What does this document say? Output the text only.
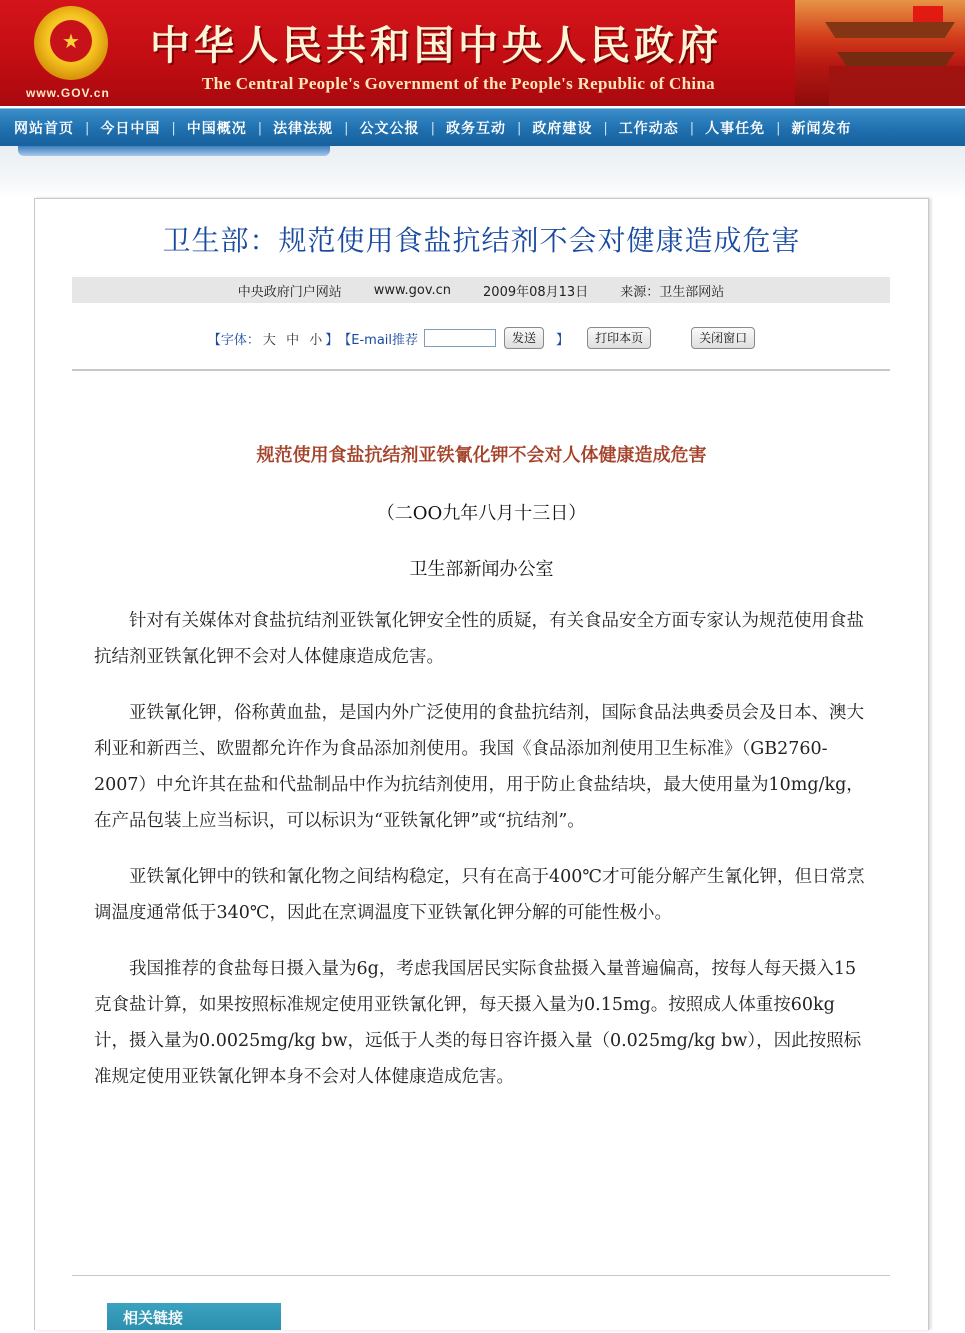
★
www.GOV.cn
中华人民共和国中央人民政府
The Central People's Government of the People's Republic of China
网站首页 | 今日中国 | 中国概况 | 法律法规 | 公文公报 | 政务互动 | 政府建设 | 工作动态 | 人事任免 | 新闻发布
卫生部：规范使用食盐抗结剂不会对健康造成危害
中央政府门户网站	www.gov.cn	2009年08月13日	来源：卫生部网站
【字体： 大 中 小 】 【E-mail推荐	发送	】	打印本页	关闭窗口
规范使用食盐抗结剂亚铁氰化钾不会对人体健康造成危害
（二OO九年八月十三日）
卫生部新闻办公室

针对有关媒体对食盐抗结剂亚铁氰化钾安全性的质疑，有关食品安全方面专家认为规范使用食盐抗结剂亚铁氰化钾不会对人体健康造成危害。

亚铁氰化钾，俗称黄血盐，是国内外广泛使用的食盐抗结剂，国际食品法典委员会及日本、澳大利亚和新西兰、欧盟都允许作为食品添加剂使用。我国《食品添加剂使用卫生标准》（GB2760-2007）中允许其在盐和代盐制品中作为抗结剂使用，用于防止食盐结块，最大使用量为10mg/kg，在产品包装上应当标识，可以标识为“亚铁氰化钾”或“抗结剂”。

亚铁氰化钾中的铁和氰化物之间结构稳定，只有在高于400℃才可能分解产生氰化钾，但日常烹调温度通常低于340℃，因此在烹调温度下亚铁氰化钾分解的可能性极小。

我国推荐的食盐每日摄入量为6g，考虑我国居民实际食盐摄入量普遍偏高，按每人每天摄入15克食盐计算，如果按照标准规定使用亚铁氰化钾，每天摄入量为0.15mg。按照成人体重按60kg计，摄入量为0.0025mg/kg bw，远低于人类的每日容许摄入量（0.025mg/kg bw），因此按照标准规定使用亚铁氰化钾本身不会对人体健康造成危害。

相关链接
